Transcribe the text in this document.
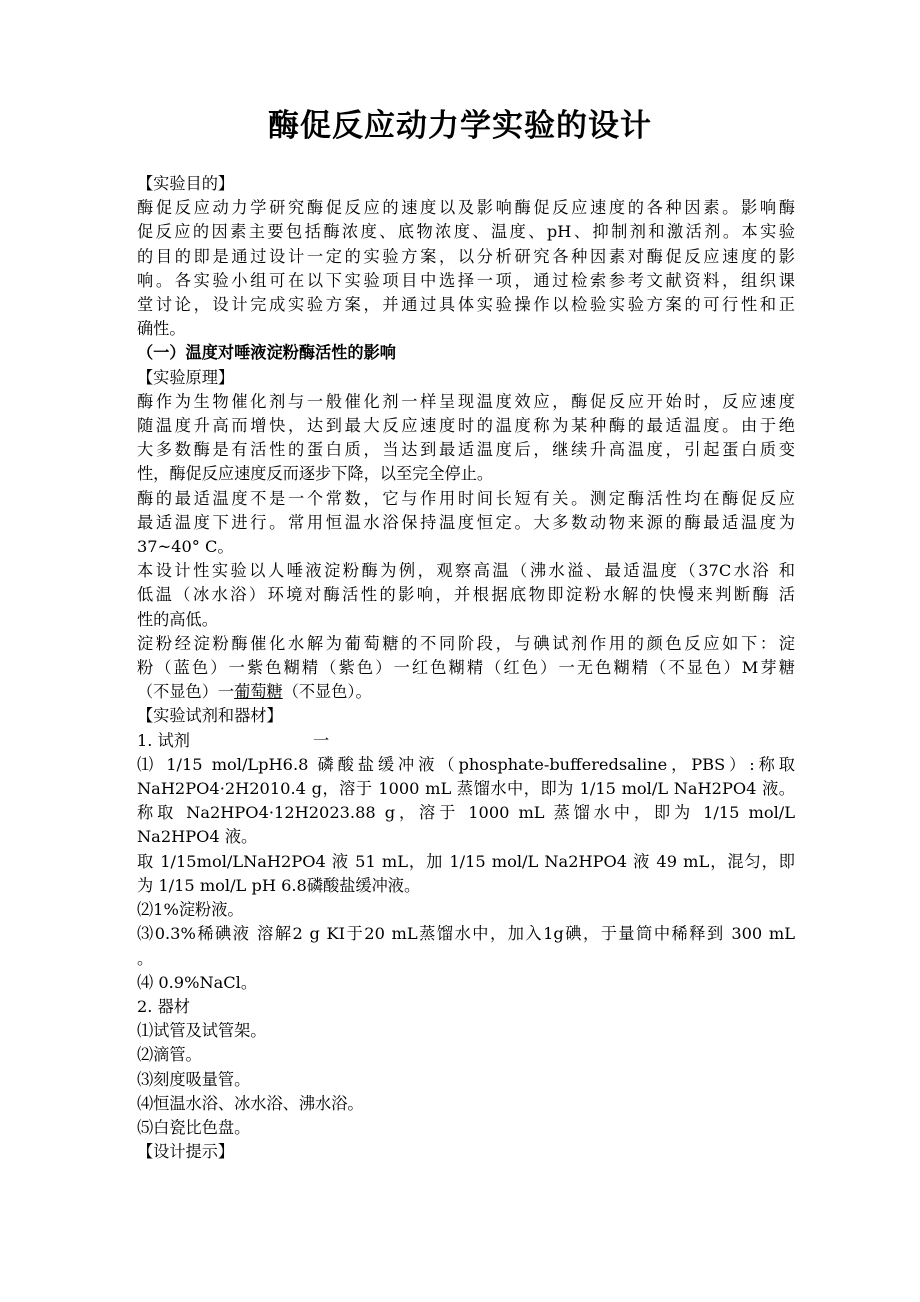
酶促反应动力学实验的设计

【实验目的】

酶促反应动力学研究酶促反应的速度以及影响酶促反应速度的各种因素。影响酶

促反应的因素主要包括酶浓度、底物浓度、温度、pH、抑制剂和激活剂。本实验

的目的即是通过设计一定的实验方案，以分析研究各种因素对酶促反应速度的影

响。各实验小组可在以下实验项目中选择一项，通过检索参考文献资料，组织课

堂讨论，设计完成实验方案，并通过具体实验操作以检验实验方案的可行性和正

确性。

（一）温度对唾液淀粉酶活性的影响

【实验原理】

酶作为生物催化剂与一般催化剂一样呈现温度效应，酶促反应开始时，反应速度

随温度升高而增快，达到最大反应速度时的温度称为某种酶的最适温度。由于绝

大多数酶是有活性的蛋白质，当达到最适温度后，继续升高温度，引起蛋白质变

性，酶促反应速度反而逐步下降，以至完全停止。

酶的最适温度不是一个常数，它与作用时间长短有关。测定酶活性均在酶促反应

最适温度下进行。常用恒温水浴保持温度恒定。大多数动物来源的酶最适温度为

37~40° C。

本设计性实验以人唾液淀粉酶为例，观察高温（沸水溢、最适温度（37C水浴 和

低温（冰水浴）环境对酶活性的影响，并根据底物即淀粉水解的快慢来判断酶 活

性的高低。

淀粉经淀粉酶催化水解为葡萄糖的不同阶段，与碘试剂作用的颜色反应如下：淀

粉（蓝色）一紫色糊精（紫色）一红色糊精（红色）一无色糊精（不显色）M芽糖

（不显色）一葡萄糖（不显色）。

【实验试剂和器材】

1. 试剂	一

⑴ 1/15 mol/LpH6.8 磷酸盐缓冲液（phosphate-bufferedsaline，PBS）:称取

NaH2PO4·2H2010.4 g，溶于 1000 mL 蒸馏水中，即为 1/15 mol/L NaH2PO4 液。

称取 Na2HPO4·12H2023.88 g，溶于 1000 mL 蒸馏水中，即为 1/15 mol/L

Na2HPO4 液。

取 1/15mol/LNaH2PO4 液 51 mL，加 1/15 mol/L Na2HPO4 液 49 mL，混匀，即

为 1/15 mol/L pH 6.8磷酸盐缓冲液。

⑵1%淀粉液。

⑶0.3%稀碘液 溶解2 g KI于20 mL蒸馏水中，加入1g碘，于量筒中稀释到 300 mL

。

⑷ 0.9%NaCl。

2. 器材

⑴试管及试管架。

⑵滴管。

⑶刻度吸量管。

⑷恒温水浴、冰水浴、沸水浴。

⑸白瓷比色盘。

【设计提示】
